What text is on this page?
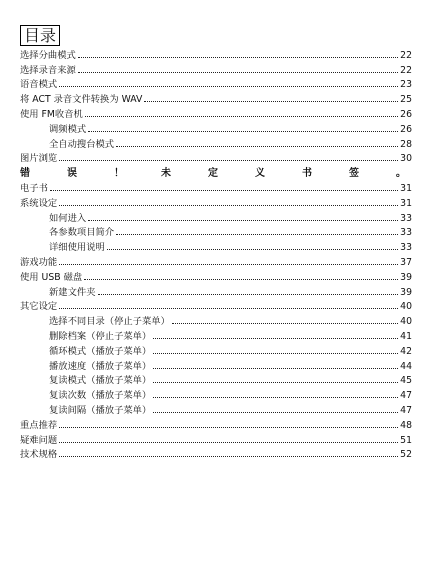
目录
选择分曲模式	22
选择录音来源	22
语音模式	23
将 ACT 录音文件转换为 WAV	25
使用 FM收音机	26
调频模式	26
全自动搜台模式	28
图片浏览	30
错	误	！	未	定	义	书	签	。
电子书	31
系统设定	31
如何进入	33
各参数项目简介	33
详细使用说明	33
游戏功能	37
使用 USB 磁盘	39
新建文件夹	39
其它设定	40
选择不同目录（停止子菜单）	40
删除档案（停止子菜单）	41
循环模式（播放子菜单）	42
播放速度（播放子菜单）	44
复读模式（播放子菜单）	45
复读次数（播放子菜单）	47
复读间隔（播放子菜单）	47
重点推荐	48
疑难问题	51
技术规格	52
